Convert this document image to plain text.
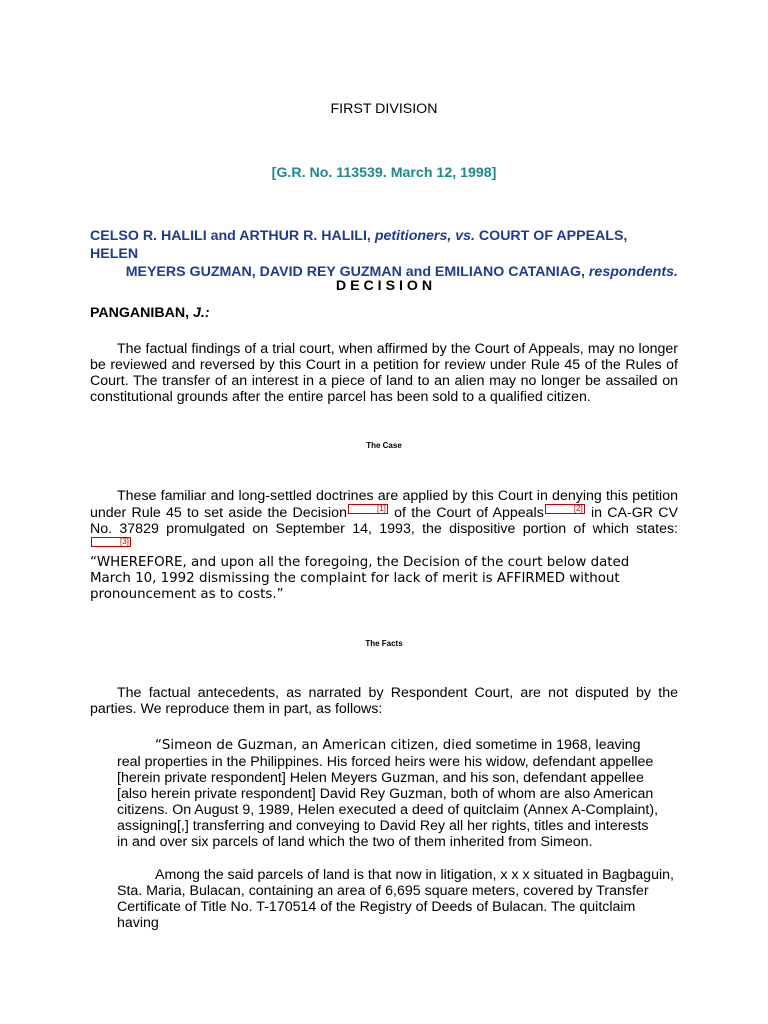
FIRST DIVISION
[G.R. No. 113539. March 12, 1998]
CELSO R. HALILI and ARTHUR R. HALILI, petitioners, vs. COURT OF APPEALS, HELEN
MEYERS GUZMAN, DAVID REY GUZMAN and EMILIANO CATANIAG, respondents.
D E C I S I O N
PANGANIBAN, J.:
The factual findings of a trial court, when affirmed by the Court of Appeals, may no longer be reviewed and reversed by this Court in a petition for review under Rule 45 of the Rules of Court. The transfer of an interest in a piece of land to an alien may no longer be assailed on constitutional grounds after the entire parcel has been sold to a qualified citizen.
The Case
These familiar and long-settled doctrines are applied by this Court in denying this petition under Rule 45 to set aside the Decision	[1] of the Court of Appeals	[2] in CA-GR CV No. 37829 promulgated on September 14, 1993, the dispositive portion of which states:[3]
“WHEREFORE, and upon all the foregoing, the Decision of the court below dated March 10, 1992 dismissing the complaint for lack of merit is AFFIRMED without pronouncement as to costs.”
The Facts
The factual antecedents, as narrated by Respondent Court, are not disputed by the parties. We reproduce them in part, as follows:
“Simeon de Guzman, an American citizen, died sometime in 1968, leaving real properties in the Philippines. His forced heirs were his widow, defendant appellee [herein private respondent] Helen Meyers Guzman, and his son, defendant appellee [also herein private respondent] David Rey Guzman, both of whom are also American citizens. On August 9, 1989, Helen executed a deed of quitclaim (Annex A-Complaint), assigning[,] transferring and conveying to David Rey all her rights, titles and interests in and over six parcels of land which the two of them inherited from Simeon.
Among the said parcels of land is that now in litigation, x x x situated in Bagbaguin, Sta. Maria, Bulacan, containing an area of 6,695 square meters, covered by Transfer Certificate of Title No. T-170514 of the Registry of Deeds of Bulacan. The quitclaim having
